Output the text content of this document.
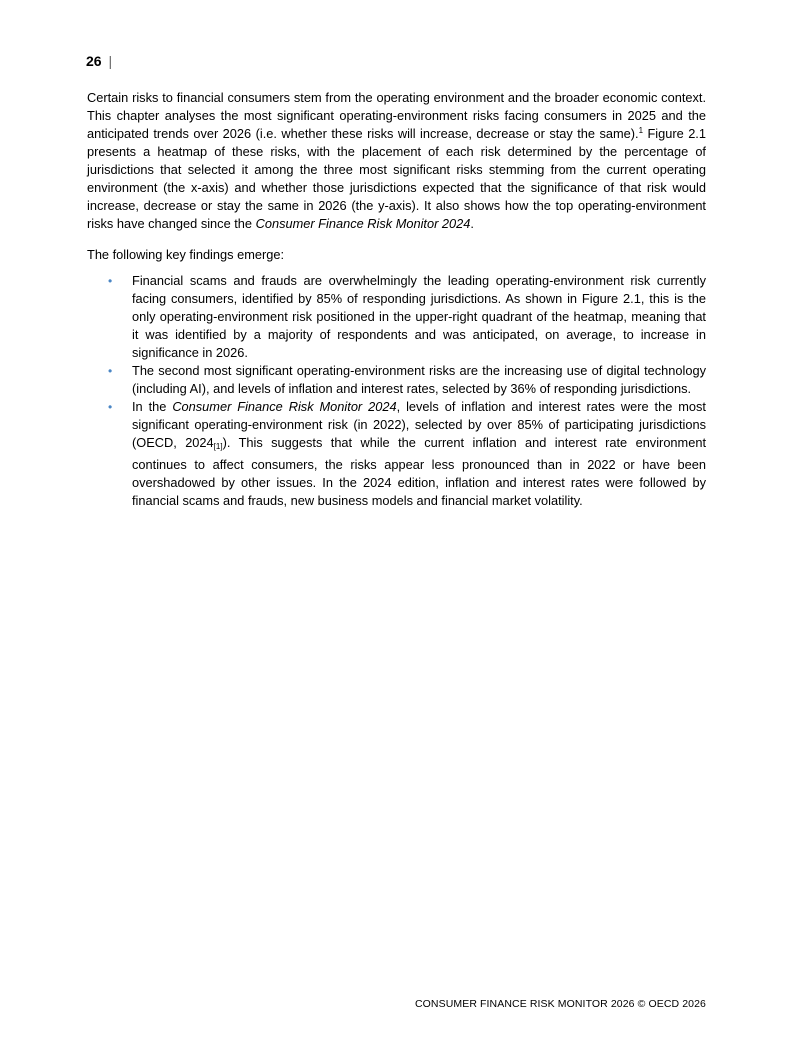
26 |

Certain risks to financial consumers stem from the operating environment and the broader economic context. This chapter analyses the most significant operating-environment risks facing consumers in 2025 and the anticipated trends over 2026 (i.e. whether these risks will increase, decrease or stay the same).$^1$ Figure 2.1 presents a heatmap of these risks, with the placement of each risk determined by the percentage of jurisdictions that selected it among the three most significant risks stemming from the current operating environment (the x-axis) and whether those jurisdictions expected that the significance of that risk would increase, decrease or stay the same in 2026 (the y-axis). It also shows how the top operating-environment risks have changed since the Consumer Finance Risk Monitor 2024.

The following key findings emerge:

• Financial scams and frauds are overwhelmingly the leading operating-environment risk currently facing consumers, identified by 85% of responding jurisdictions. As shown in Figure 2.1, this is the only operating-environment risk positioned in the upper-right quadrant of the heatmap, meaning that it was identified by a majority of respondents and was anticipated, on average, to increase in significance in 2026.
• The second most significant operating-environment risks are the increasing use of digital technology (including AI), and levels of inflation and interest rates, selected by 36% of responding jurisdictions.
• In the Consumer Finance Risk Monitor 2024, levels of inflation and interest rates were the most significant operating-environment risk (in 2022), selected by over 85% of participating jurisdictions (OECD, 2024[1]). This suggests that while the current inflation and interest rate environment continues to affect consumers, the risks appear less pronounced than in 2022 or have been overshadowed by other issues. In the 2024 edition, inflation and interest rates were followed by financial scams and frauds, new business models and financial market volatility.
CONSUMER FINANCE RISK MONITOR 2026 © OECD 2026
